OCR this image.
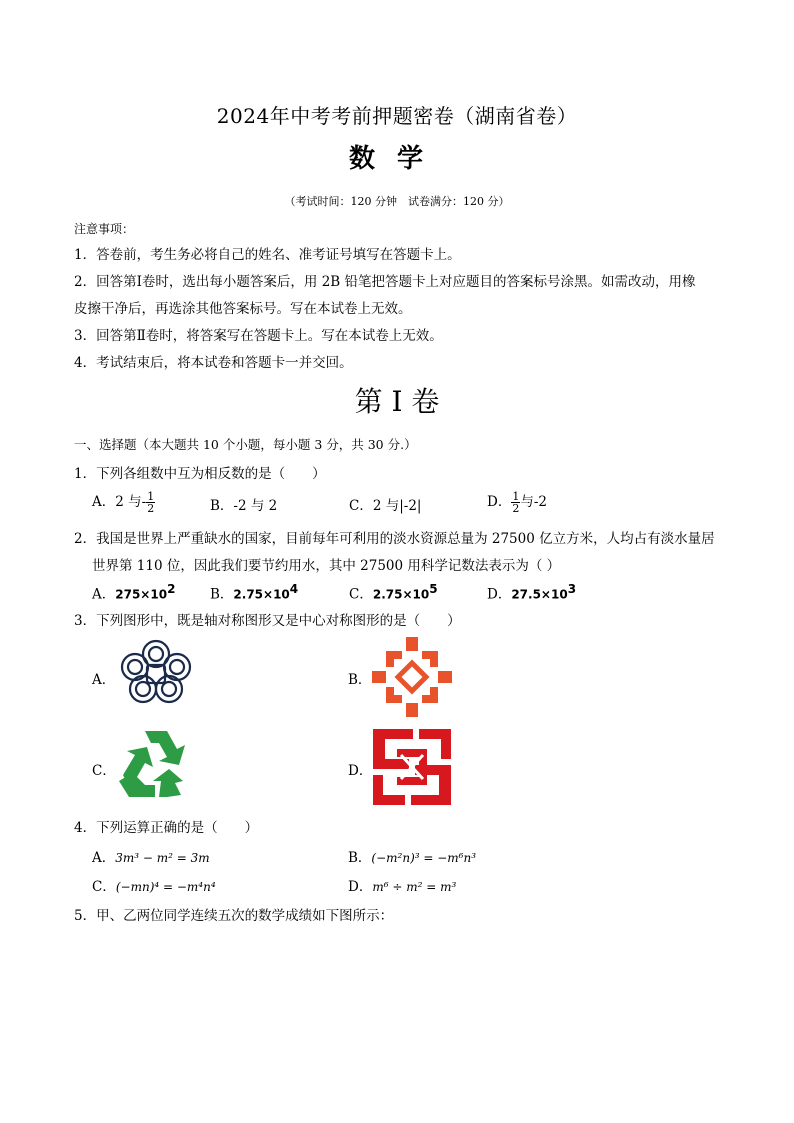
2024年中考考前押题密卷（湖南省卷）
数学
（考试时间：120 分钟　试卷满分：120 分）
注意事项：
1．答卷前，考生务必将自己的姓名、准考证号填写在答题卡上。
2．回答第Ⅰ卷时，选出每小题答案后，用 2B 铅笔把答题卡上对应题目的答案标号涂黑。如需改动，用橡
皮擦干净后，再选涂其他答案标号。写在本试卷上无效。
3．回答第Ⅱ卷时，将答案写在答题卡上。写在本试卷上无效。
4．考试结束后，将本试卷和答题卡一并交回。
第 I 卷
一、选择题（本大题共 10 个小题，每小题 3 分，共 30 分.）
1．下列各组数中互为相反数的是（　　）
A．2 与- $\frac{1}{2}$	B．-2 与 2	C．2 与|-2|	D． $\frac{1}{2}$ 与-2
2．我国是世界上严重缺水的国家，目前每年可利用的淡水资源总量为 27500 亿立方米，人均占有淡水量居
世界第 110 位，因此我们要节约用水，其中 27500 用科学记数法表示为（ ）
A．$275\times 10^2$	B．$2.75\times 10^4$	C．$2.75\times 10^5$	D．$27.5\times 10^3$
3．下列图形中，既是轴对称图形又是中心对称图形的是（　　）
A．	B．
C．	D．
4．下列运算正确的是（　　）
A．3m³ − m² = 3m	B．(−m²n)³ = −m⁶n³
C．(−mn)⁴ = −m⁴n⁴	D．m⁶ ÷ m² = m³
5．甲、乙两位同学连续五次的数学成绩如下图所示：
